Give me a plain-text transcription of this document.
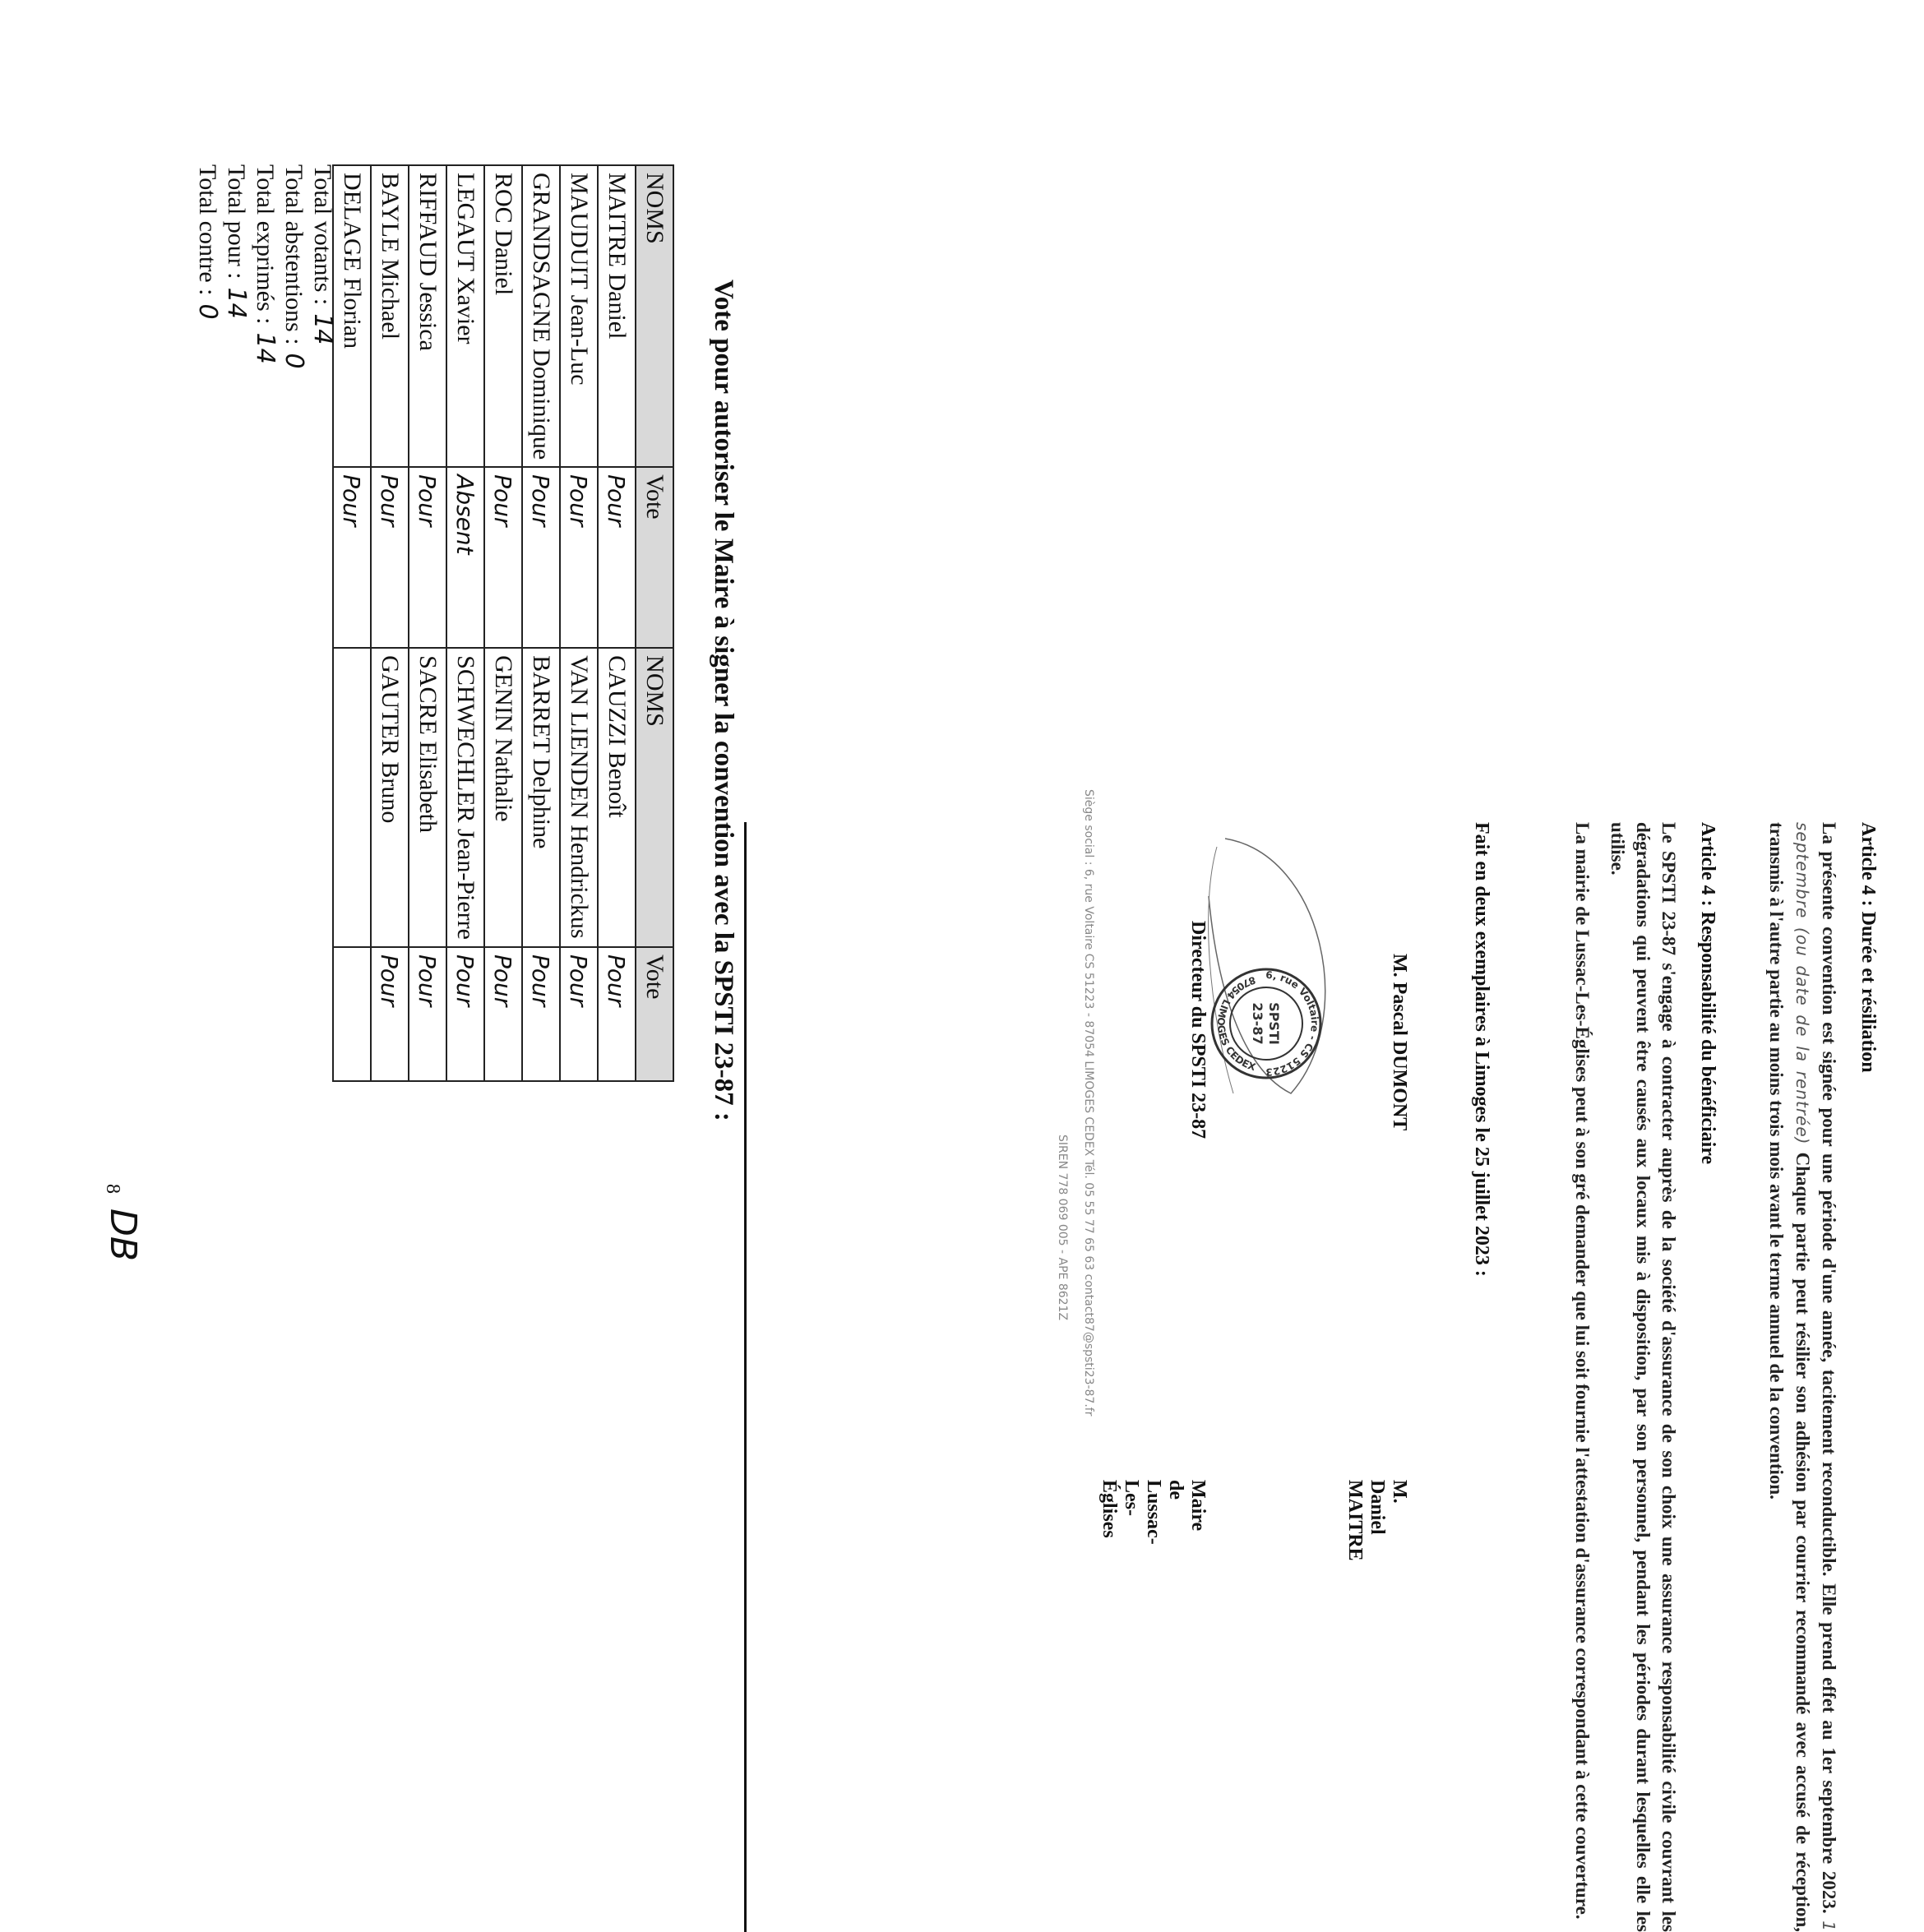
Article 4 : Durée et résiliation

La présente convention est signée pour une période d'une année, tacitement reconductible. Elle prend effet au 1er septembre 2023. 1 septembre (ou date de la rentrée) Chaque partie peut résilier son adhésion par courrier recommandé avec accusé de réception, transmis à l'autre partie au moins trois mois avant le terme annuel de la convention.

Article 4 : Responsabilité du bénéficiaire

Le SPSTI 23-87 s'engage à contracter auprès de la société d'assurance de son choix une assurance responsabilité civile couvrant les dégradations qui peuvent être causés aux locaux mis à disposition, par son personnel, pendant les périodes durant lesquelles elle les utilise.

La mairie de Lussac-Les-Églises peut à son gré demander que lui soit fournie l'attestation d'assurance correspondant à cette couverture.

Fait en deux exemplaires à Limoges le 25 juillet 2023 :

M. Pascal DUMONT
M. Daniel MAITRE
6, rue Voltaire - CS 51223
87054 LIMOGES CEDEX
SPSTI
23-87
Directeur du SPSTI 23-87
Maire de Lussac-Les-Églises
Siège social : 6, rue Voltaire CS 51223 - 87054 LIMOGES CEDEX Tél. 05 55 77 65 63 contact87@spsti23-87.fr
SIREN 778 069 005 - APE 8621Z

Vote pour autoriser le Maire à signer la convention avec la SPSTI 23-87 :

NOMS	Vote	NOMS	Vote
MAITRE Daniel	Pour	CAUZZI Benoît	Pour
MAUDUIT Jean-Luc	Pour	VAN LIENDEN Hendrickus	Pour
GRANDSAGNE Dominique	Pour	BARRET Delphine	Pour
ROC Daniel	Pour	GENIN Nathalie	Pour
LEGAUT Xavier	Absent	SCHWECHLER Jean-Pierre	Pour
RIFFAUD Jessica	Pour	SACRE Elisabeth	Pour
BAYLE Michael	Pour	GAUTER Bruno	Pour
DELAGE Florian	Pour		
Total votants :14
Total abstentions :0
Total exprimés :14
Total pour :14
Total contre :0
8
DB
